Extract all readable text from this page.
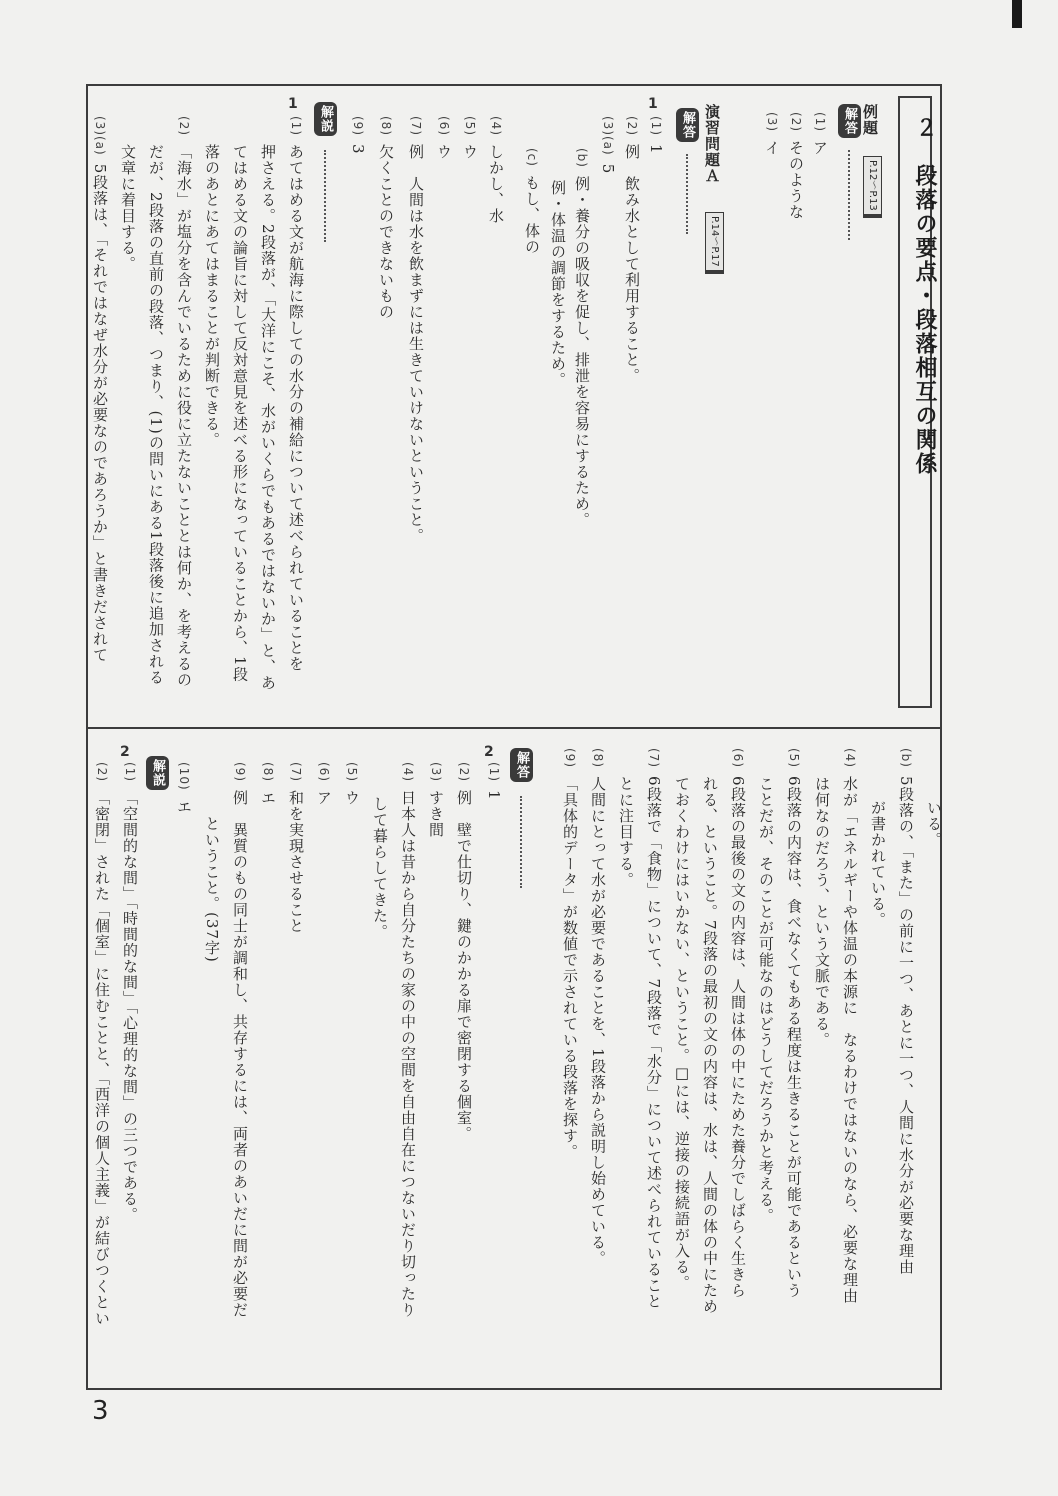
２　段落の要点・段落相互の関係
例題
解答
P.12〜P.13
(1)ア
(2)そのような
(3)イ
演習問題Ａ
P.14〜P.17
解答
1
(1)1
(2)例　飲み水として利用すること。
(3)(a)5
(b)例・養分の吸収を促し、排泄を容易にするため。
例・体温の調節をするため。
(c)もし、体の
(4)しかし、水
(5)ウ
(6)ウ
(7)例　人間は水を飲まずには生きていけないということ。
(8)欠くことのできないもの
(9)3
解説
1
(1)あてはめる文が航海に際しての水分の補給について述べられていることを
押さえる。2段落が、「大洋にこそ、水がいくらでもあるではないか」と、あ
てはめる文の論旨に対して反対意見を述べる形になっていることから、1段
落のあとにあてはまることが判断できる。
(2)「海水」が塩分を含んでいるために役に立たないこととは何か、を考えるの
だが、2段落の直前の段落、つまり、(1)の問いにある1段落後に追加される
文章に着目する。
(3)(a)5段落は、「それではなぜ水分が必要なのであろうか」と書きだされて
いる。
(b)5段落の、「また」の前に一つ、あとに一つ、人間に水分が必要な理由
が書かれている。
(4)水が「エネルギーや体温の本源に　なるわけではないのなら、必要な理由
は何なのだろう、という文脈である。
(5)6段落の内容は、食べなくてもある程度は生きることが可能であるという
ことだが、そのことが可能なのはどうしてだろうかと考える。
(6)6段落の最後の文の内容は、人間は体の中にためた養分でしばらく生きら
れる、ということ。7段落の最初の文の内容は、水は、人間の体の中にため
ておくわけにはいかない、ということ。□には、逆接の接続語が入る。
(7)6段落で「食物」について、7段落で「水分」について述べられていること
とに注目する。
(8)人間にとって水が必要であることを、1段落から説明し始めている。
(9)「具体的データ」が数値で示されている段落を探す。
解答
2
(1)1
(2)例　壁で仕切り、鍵のかかる扉で密閉する個室。
(3)すき間
(4)日本人は昔から自分たちの家の中の空間を自由自在につないだり切ったり
して暮らしてきた。
(5)ウ
(6)ア
(7)和を実現させること
(8)エ
(9)例　異質のもの同士が調和し、共存するには、両者のあいだに間が必要だ
ということ。(37字)
(10)エ
解説
2
(1)「空間的な間」「時間的な間」「心理的な間」の三つである。
(2)「密閉」された「個室」に住むことと、「西洋の個人主義」が結びつくとい
3
